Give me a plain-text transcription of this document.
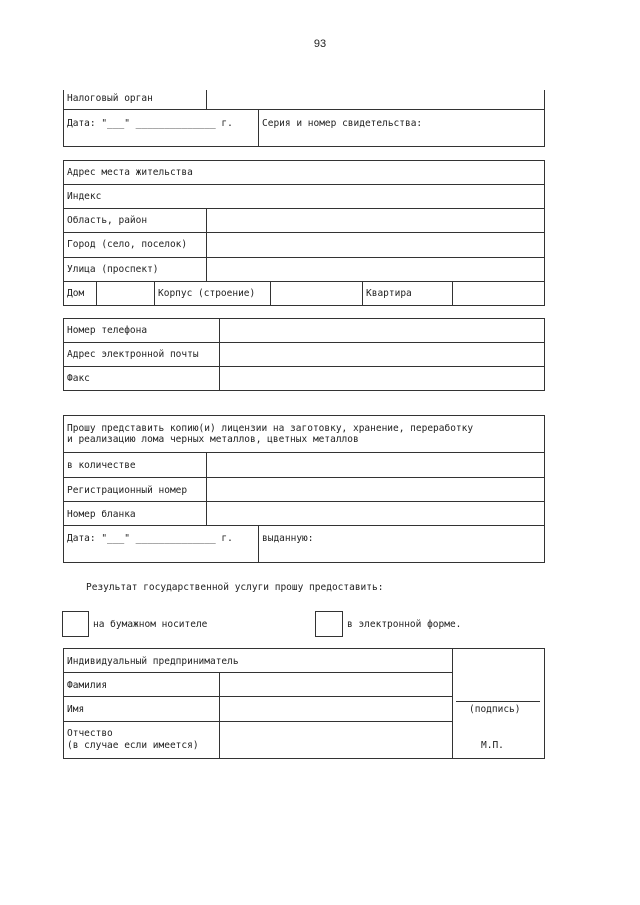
93
Налоговый орган
Дата: "___" ______________ г.	Серия и номер свидетельства:
Адрес места жительства
Индекс
Область, район
Город (село, поселок)
Улица (проспект)
Дом	Корпус (строение)	Квартира
Номер телефона
Адрес электронной почты
Факс
Прошу представить копию(и) лицензии на заготовку, хранение, переработку
и реализацию лома черных металлов, цветных металлов
в количестве
Регистрационный номер
Номер бланка
Дата: "___" ______________ г.	выданную:
Результат государственной услуги прошу предоставить:
на бумажном носителе	в электронной форме.
Индивидуальный предприниматель
Фамилия
Имя
Отчество
(в случае если имеется)
(подпись)
М.П.
